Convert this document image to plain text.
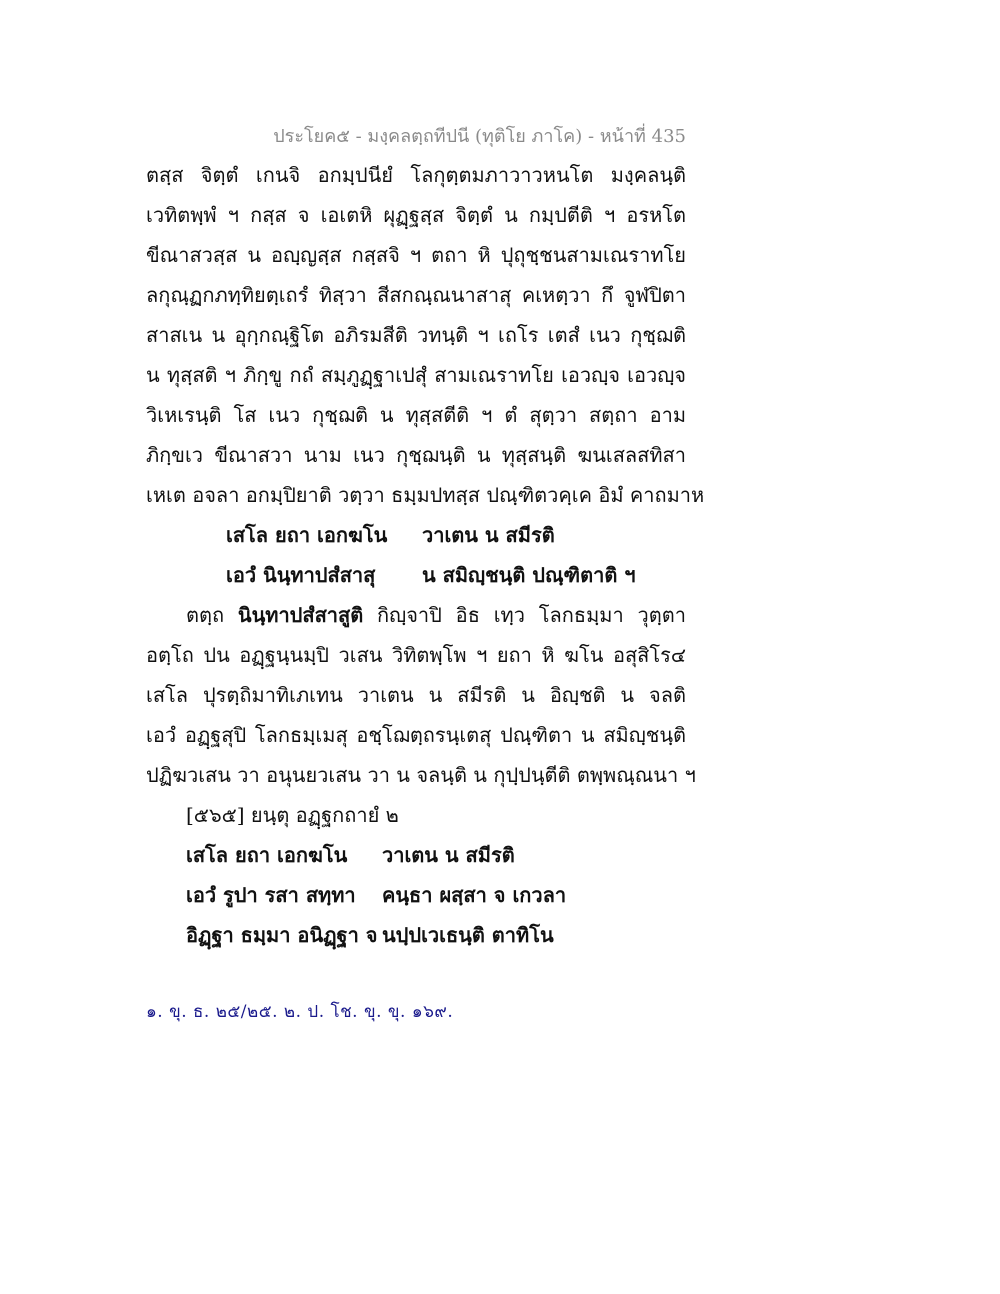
ประโยค๕ - มงฺคลตฺถทีปนี (ทุติโย ภาโค) - หน้าที่ 435
ตสฺส จิตฺตํ เกนจิ อกมฺปนียํ โลกุตฺตมภาวาวหนโต มงฺคลนฺติ
เวทิตพฺพํ ฯ กสฺส จ เอเตหิ ผุฏฺฐสฺส จิตฺตํ น กมฺปตีติ ฯ อรหโต
ขีณาสวสฺส น อญฺญสฺส กสฺสจิ ฯ ตถา หิ ปุถุชฺชนสามเณราทโย
ลกุณฺฏกภทฺทิยตฺเถรํ ทิสฺวา สีสกณฺณนาสาสุ คเหตฺวา กึ จูฬปิตา
สาสเน น อุกฺกณฺฐิโต อภิรมสีติ วทนฺติ ฯ เถโร เตสํ เนว กุชฺฌติ
น ทุสฺสติ ฯ ภิกฺขู กถํ สมฺภูฏฺฐาเปสุํ สามเณราทโย เอวญฺจ เอวญฺจ
วิเหเรนฺติ โส เนว กุชฺฌติ น ทุสฺสตีติ ฯ ตํ สุตฺวา สตฺถา อาม
ภิกฺขเว ขีณาสวา นาม เนว กุชฺฌนฺติ น ทุสฺสนฺติ ฆนเสลสทิสา
เหเต อจลา อกมฺปิยาติ วตฺวา ธมฺมปทสฺส ปณฺฑิตวคฺเค อิมํ คาถมาห
เสโล ยถา เอกฆโน	วาเตน น สมีรติ
เอวํ นินฺทาปสํสาสุ	น สมิญฺชนฺติ ปณฺฑิตาติ ฯ
ตตฺถ นินฺทาปสํสาสูติ กิญฺจาปิ อิธ เทฺว โลกธมฺมา วุตฺตา
อตฺโถ ปน อฏฺฐนฺนมฺปิ วเสน วิทิตพฺโพ ฯ ยถา หิ ฆโน อสุสิโร๔
เสโล ปุรตฺถิมาทิเภเทน วาเตน น สมีรติ น อิญฺชติ น จลติ
เอวํ อฏฺฐสุปิ โลกธมฺเมสุ อชฺโฌตฺถรนฺเตสุ ปณฺฑิตา น สมิญฺชนฺติ
ปฏิฆวเสน วา อนุนยวเสน วา น จลนฺติ น กุปฺปนฺตีติ ตพฺพณฺณนา ฯ
[๕๖๕] ยนฺตุ อฏฺฐกถายํ ๒
เสโล ยถา เอกฆโน	วาเตน น สมีรติ
เอวํ รูปา รสา สทฺทา	คนฺธา ผสฺสา จ เกวลา
อิฏฺฐา ธมฺมา อนิฏฺฐา จ นปฺปเวเธนฺติ ตาทิโน
๑. ขุ. ธ. ๒๕/๒๕. ๒. ป. โช. ขุ. ขุ. ๑๖๙.
